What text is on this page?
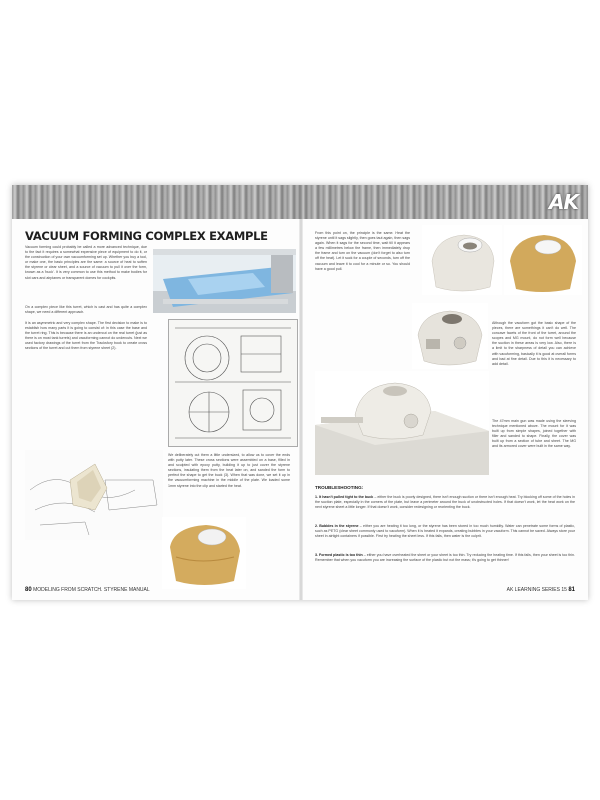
AK
VACUUM FORMING COMPLEX EXAMPLE

Vacuum forming could probably be called a more advanced technique, due to the fact it requires a somewhat expensive piece of equipment to do it, or the construction of your own vacuumforming set up. Whether you buy a tool, or make one, the basic principles are the same: a source of heat to soften the styrene or clear sheet, and a source of vacuum to pull it over the form, known as a 'buck'. It is very common to use this method to make bodies for slot cars and airplanes or transparent domes for cockpits.

On a complex piece like this turret, which is cast and has quite a complex shape, we need a different approach.

It is an asymmetric and very complex shape. The first decision to make is to establish how many parts it is going to consist of: in this case the base and the turret ring. This is because there is an undercut on the real turret (just as there is on most tank turrets) and vacuforming cannot do undercuts. Next we used factory drawings of the turret from the Tracksfory book to create cross sections of the turret and cut them from styrene sheet (2).

We deliberately cut them a little undersized, to allow us to cover the ends with putty later. These cross sections were assembled on a base, filled in and sculpted with epoxy putty, building it up to just cover the styrene sections, insulating them from the heat later on, and sanded the form to perfect the shape to get the buck (3). When that was done, we set it up in the vacuumforming machine in the middle of the plate. We loaded some 1mm styrene into the clip and started the heat.

80 MODELING FROM SCRATCH. STYRENE MANUAL

From this point on, the principle is the same. Heat the styrene until it sags slightly, then goes taut again, then sags again. When it sags for the second time, wait till it appears a few millimetres below the frame, then immediately drop the frame and turn on the vacuum (don't forget to also turn off the heat). Let it suck for a couple of seconds, turn off the vacuum and leave it to cool for a minute or so. You should have a good pull.

Although the vacuform got the basic shape of the pieces, there are somethings it can't do well. The concave facets of the front of the turret, around the scopes and MG mount, do not form well because the suction in these areas is very low. Also, there is a limit to the sharpness of detail you can achieve with vacuforming, basically it is good at overall forms and bad at fine detail. Due to this it is necessary to add detail.

The 47mm main gun was made using the sleeving technique mentioned above. The mount for it was built up from simple shapes, joined together with filler and sanded to shape. Finally, the cover was built up from a section of tube and sheet. The MG and its armored cover were built in the same way.

TROUBLESHOOTING:

1. It hasn't pulled tight to the buck – either the buck is poorly designed, there isn't enough suction or there isn't enough heat. Try blocking off some of the holes in the suction plate, especially in the corners of the plate, but leave a perimeter around the buck of unobstructed holes. If that doesn't work, let the heat work on the next styrene sheet a little longer. If that doesn't work, consider redesigning or reorienting the buck.

2. Bubbles in the styrene – either you are heating it too long, or the styrene has been stored in too much humidity. Water can penetrate some forms of plastic, such as PETG (clear sheet commonly used to vacuform). When it is heated it expands, creating bubbles in your vacuform. This cannot be saved. Always store your sheet in airtight containers if possible. First try heating the sheet less. If this fails, then water is the culprit.

3. Formed plastic is too thin – either you have overheated the sheet or your sheet is too thin. Try reducing the heating time. If this fails, then your sheet is too thin. Remember that when you vacuform you are increasing the surface of the plastic but not the mass; it's going to get thinner!

AK LEARNING SERIES 15 81
